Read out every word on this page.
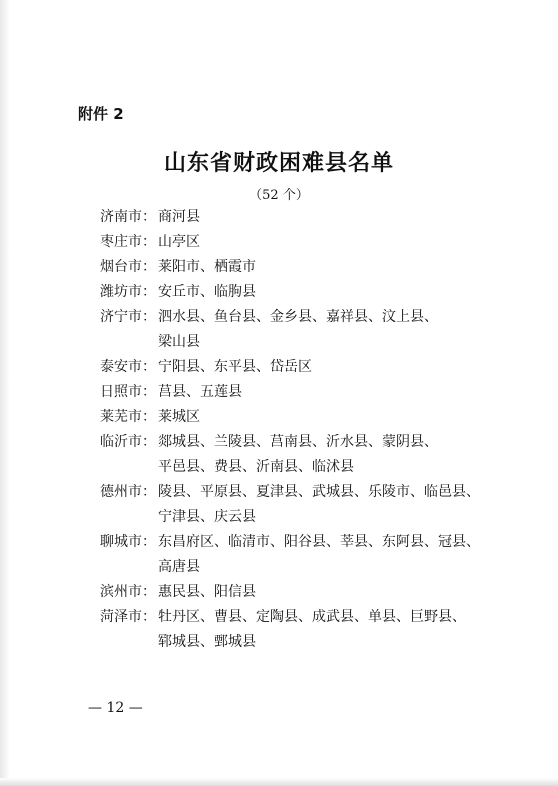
附件 2
山东省财政困难县名单
（52 个）
济南市： 商河县
枣庄市： 山亭区
烟台市： 莱阳市、栖霞市
潍坊市： 安丘市、临朐县
济宁市： 泗水县、鱼台县、金乡县、嘉祥县、汶上县、
梁山县
泰安市： 宁阳县、东平县、岱岳区
日照市： 莒县、五莲县
莱芜市： 莱城区
临沂市： 郯城县、兰陵县、莒南县、沂水县、蒙阴县、
平邑县、费县、沂南县、临沭县
德州市： 陵县、平原县、夏津县、武城县、乐陵市、临邑县、
宁津县、庆云县
聊城市： 东昌府区、临清市、阳谷县、莘县、东阿县、冠县、
高唐县
滨州市： 惠民县、阳信县
菏泽市： 牡丹区、曹县、定陶县、成武县、单县、巨野县、
郓城县、鄄城县
— 12 —
